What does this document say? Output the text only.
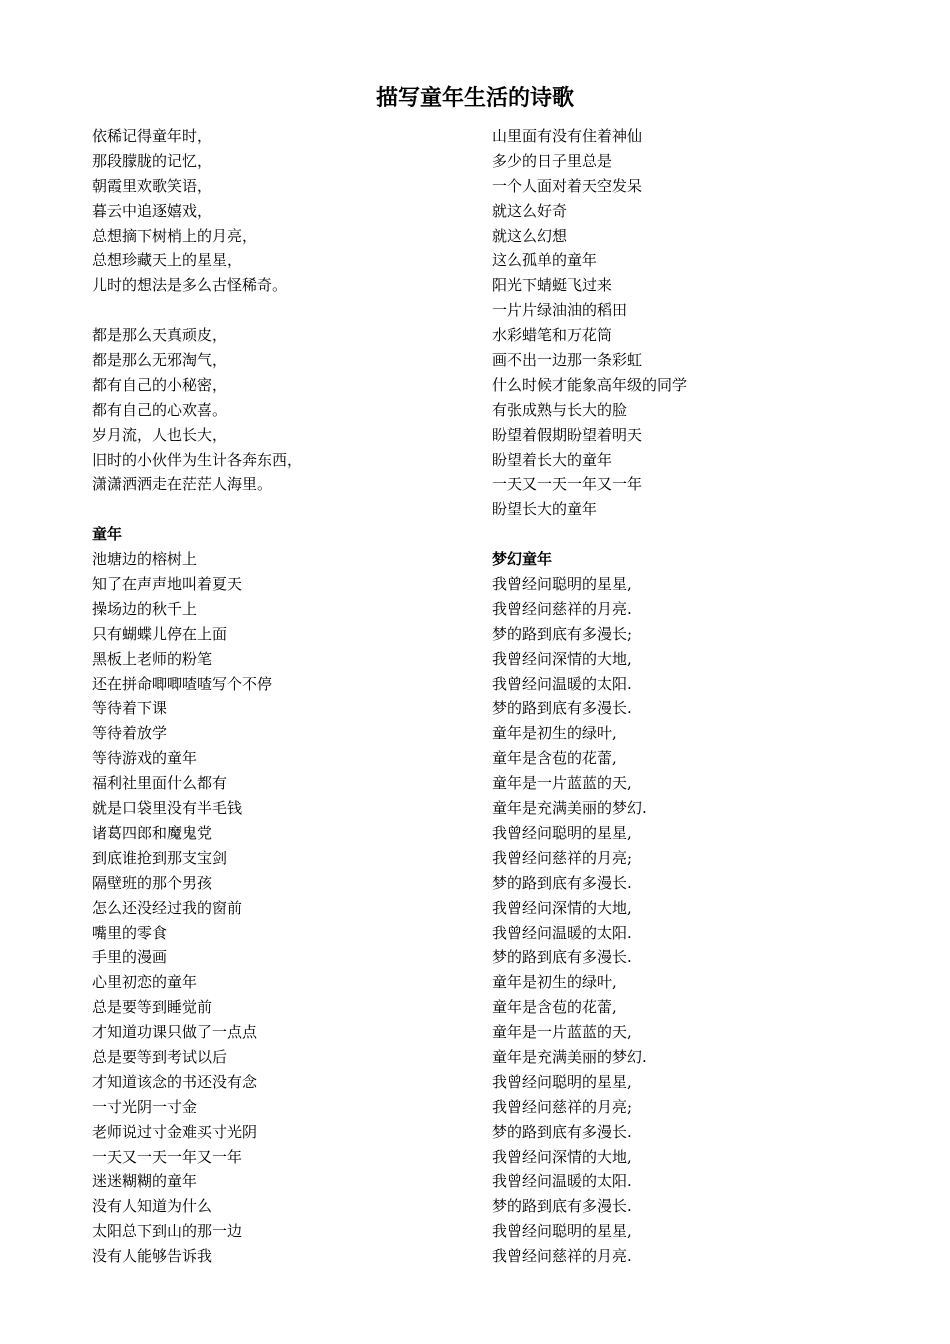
描写童年生活的诗歌
依稀记得童年时，
那段朦胧的记忆，
朝霞里欢歌笑语，
暮云中追逐嬉戏，
总想摘下树梢上的月亮，
总想珍藏天上的星星，
儿时的想法是多么古怪稀奇。
都是那么天真顽皮，
都是那么无邪淘气，
都有自己的小秘密，
都有自己的心欢喜。
岁月流，人也长大，
旧时的小伙伴为生计各奔东西，
潇潇洒洒走在茫茫人海里。
童年
池塘边的榕树上
知了在声声地叫着夏天
操场边的秋千上
只有蝴蝶儿停在上面
黑板上老师的粉笔
还在拼命唧唧喳喳写个不停
等待着下课
等待着放学
等待游戏的童年
福利社里面什么都有
就是口袋里没有半毛钱
诸葛四郎和魔鬼党
到底谁抢到那支宝剑
隔壁班的那个男孩
怎么还没经过我的窗前
嘴里的零食
手里的漫画
心里初恋的童年
总是要等到睡觉前
才知道功课只做了一点点
总是要等到考试以后
才知道该念的书还没有念
一寸光阴一寸金
老师说过寸金难买寸光阴
一天又一天一年又一年
迷迷糊糊的童年
没有人知道为什么
太阳总下到山的那一边
没有人能够告诉我
山里面有没有住着神仙
多少的日子里总是
一个人面对着天空发呆
就这么好奇
就这么幻想
这么孤单的童年
阳光下蜻蜓飞过来
一片片绿油油的稻田
水彩蜡笔和万花筒
画不出一边那一条彩虹
什么时候才能象高年级的同学
有张成熟与长大的脸
盼望着假期盼望着明天
盼望着长大的童年
一天又一天一年又一年
盼望长大的童年
梦幻童年
我曾经问聪明的星星,
我曾经问慈祥的月亮.
梦的路到底有多漫长;
我曾经问深情的大地,
我曾经问温暖的太阳.
梦的路到底有多漫长.
童年是初生的绿叶,
童年是含苞的花蕾,
童年是一片蓝蓝的天,
童年是充满美丽的梦幻.
我曾经问聪明的星星,
我曾经问慈祥的月亮;
梦的路到底有多漫长.
我曾经问深情的大地,
我曾经问温暖的太阳.
梦的路到底有多漫长.
童年是初生的绿叶,
童年是含苞的花蕾,
童年是一片蓝蓝的天,
童年是充满美丽的梦幻.
我曾经问聪明的星星,
我曾经问慈祥的月亮;
梦的路到底有多漫长.
我曾经问深情的大地,
我曾经问温暖的太阳.
梦的路到底有多漫长.
我曾经问聪明的星星,
我曾经问慈祥的月亮.
